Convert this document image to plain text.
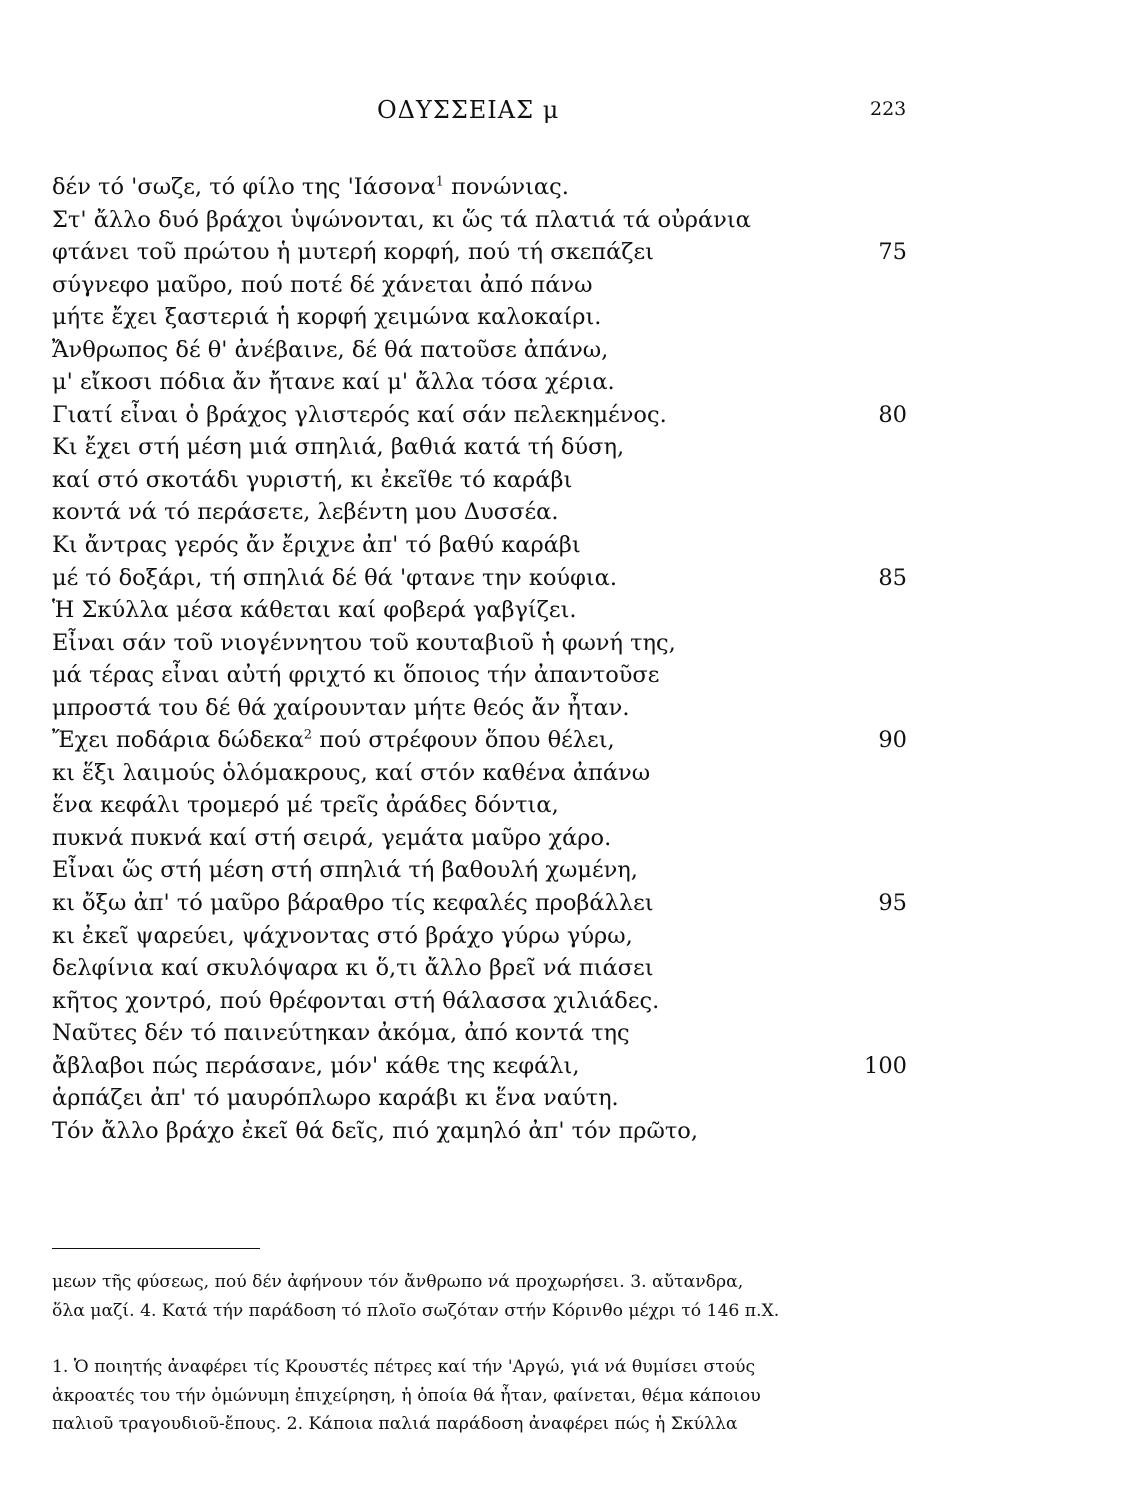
ΟΔΥΣΣΕΙΑΣ μ	223
δέν τό 'σωζε, τό φίλο της 'Ιάσονα$^1$ πονώνιας.
Στ' ἄλλο δυό βράχοι ὑψώνονται, κι ὥς τά πλατιά τά οὐράνια
φτάνει τοῦ πρώτου ἡ μυτερή κορφή, πού τή σκεπάζει	75
σύγνεφο μαῦρο, πού ποτέ δέ χάνεται ἀπό πάνω
μήτε ἔχει ξαστεριά ἡ κορφή χειμώνα καλοκαίρι.
Ἄνθρωπος δέ θ' ἀνέβαινε, δέ θά πατοῦσε ἀπάνω,
μ' εἴκοσι πόδια ἄν ἤτανε καί μ' ἄλλα τόσα χέρια.
Γιατί εἶναι ὁ βράχος γλιστερός καί σάν πελεκημένος.	80
Κι ἔχει στή μέση μιά σπηλιά, βαθιά κατά τή δύση,
καί στό σκοτάδι γυριστή, κι ἐκεῖθε τό καράβι
κοντά νά τό περάσετε, λεβέντη μου Δυσσέα.
Κι ἄντρας γερός ἄν ἔριχνε ἀπ' τό βαθύ καράβι
μέ τό δοξάρι, τή σπηλιά δέ θά 'φτανε την κούφια.	85
Ἡ Σκύλλα μέσα κάθεται καί φοβερά γαβγίζει.
Εἶναι σάν τοῦ νιογέννητου τοῦ κουταβιοῦ ἡ φωνή της,
μά τέρας εἶναι αὐτή φριχτό κι ὅποιος τήν ἀπαντοῦσε
μπροστά του δέ θά χαίρουνταν μήτε θεός ἄν ἦταν.
Ἔχει ποδάρια δώδεκα$^2$ πού στρέφουν ὅπου θέλει,	90
κι ἕξι λαιμούς ὁλόμακρους, καί στόν καθένα ἀπάνω
ἕνα κεφάλι τρομερό μέ τρεῖς ἀράδες δόντια,
πυκνά πυκνά καί στή σειρά, γεμάτα μαῦρο χάρο.
Εἶναι ὥς στή μέση στή σπηλιά τή βαθουλή χωμένη,
κι ὄξω ἀπ' τό μαῦρο βάραθρο τίς κεφαλές προβάλλει	95
κι ἐκεῖ ψαρεύει, ψάχνοντας στό βράχο γύρω γύρω,
δελφίνια καί σκυλόψαρα κι ὅ,τι ἄλλο βρεῖ νά πιάσει
κῆτος χοντρό, πού θρέφονται στή θάλασσα χιλιάδες.
Ναῦτες δέν τό παινεύτηκαν ἀκόμα, ἀπό κοντά της
ἄβλαβοι πώς περάσανε, μόν' κάθε της κεφάλι,	100
ἁρπάζει ἀπ' τό μαυρόπλωρο καράβι κι ἕνα ναύτη.
Τόν ἄλλο βράχο ἐκεῖ θά δεῖς, πιό χαμηλό ἀπ' τόν πρῶτο,
μεων τῆς φύσεως, πού δέν ἀφήνουν τόν ἄνθρωπο νά προχωρήσει. 3. αὔτανδρα,
ὅλα μαζί. 4. Κατά τήν παράδοση τό πλοῖο σωζόταν στήν Κόρινθο μέχρι τό 146 π.Χ.
1. Ὁ ποιητής ἀναφέρει τίς Κρουστές πέτρες καί τήν 'Αργώ, γιά νά θυμίσει στούς
ἀκροατές του τήν ὁμώνυμη ἐπιχείρηση, ἡ ὁποία θά ἦταν, φαίνεται, θέμα κάποιου
παλιοῦ τραγουδιοῦ-ἔπους. 2. Κάποια παλιά παράδοση ἀναφέρει πώς ἡ Σκύλλα
